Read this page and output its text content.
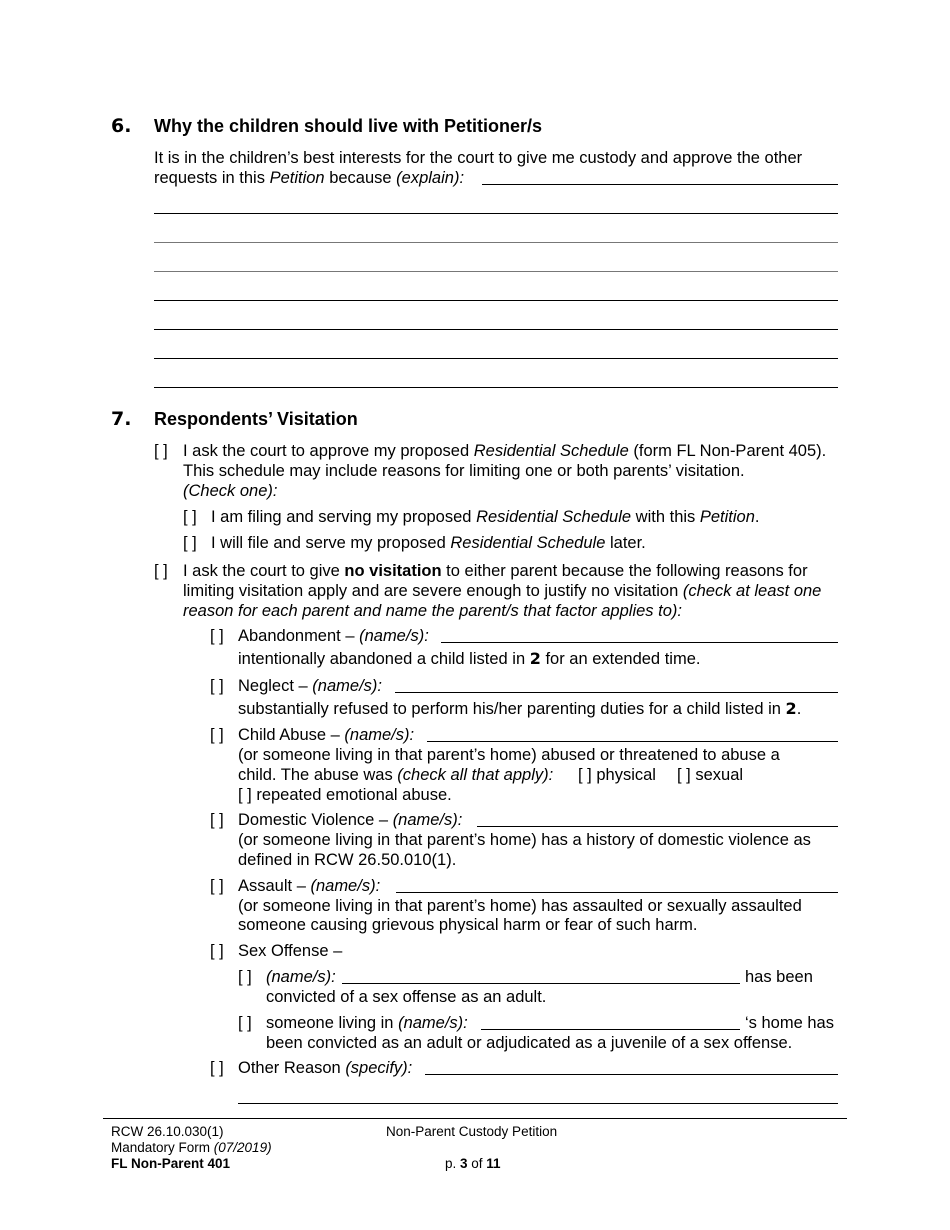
6. Why the children should live with Petitioner/s
It is in the children’s best interests for the court to give me custody and approve the other
requests in this Petition because (explain):
7. Respondents’ Visitation
[ ] I ask the court to approve my proposed Residential Schedule (form FL Non-Parent 405).
This schedule may include reasons for limiting one or both parents’ visitation.
(Check one):
[ ] I am filing and serving my proposed Residential Schedule with this Petition.
[ ] I will file and serve my proposed Residential Schedule later.
[ ] I ask the court to give no visitation to either parent because the following reasons for
limiting visitation apply and are severe enough to justify no visitation (check at least one
reason for each parent and name the parent/s that factor applies to):
[ ] Abandonment – (name/s):
intentionally abandoned a child listed in 2 for an extended time.
[ ] Neglect – (name/s):
substantially refused to perform his/her parenting duties for a child listed in 2.
[ ] Child Abuse – (name/s):
(or someone living in that parent’s home) abused or threatened to abuse a
child. The abuse was (check all that apply): [ ] physical [ ] sexual
[ ] repeated emotional abuse.
[ ] Domestic Violence – (name/s):
(or someone living in that parent’s home) has a history of domestic violence as
defined in RCW 26.50.010(1).
[ ] Assault – (name/s):
(or someone living in that parent’s home) has assaulted or sexually assaulted
someone causing grievous physical harm or fear of such harm.
[ ] Sex Offense –
[ ] (name/s):	has been
convicted of a sex offense as an adult.
[ ] someone living in (name/s):	‘s home has
been convicted as an adult or adjudicated as a juvenile of a sex offense.
[ ] Other Reason (specify):
RCW 26.10.030(1)
Mandatory Form (07/2019)
FL Non-Parent 401
Non-Parent Custody Petition
p. 3 of 11
